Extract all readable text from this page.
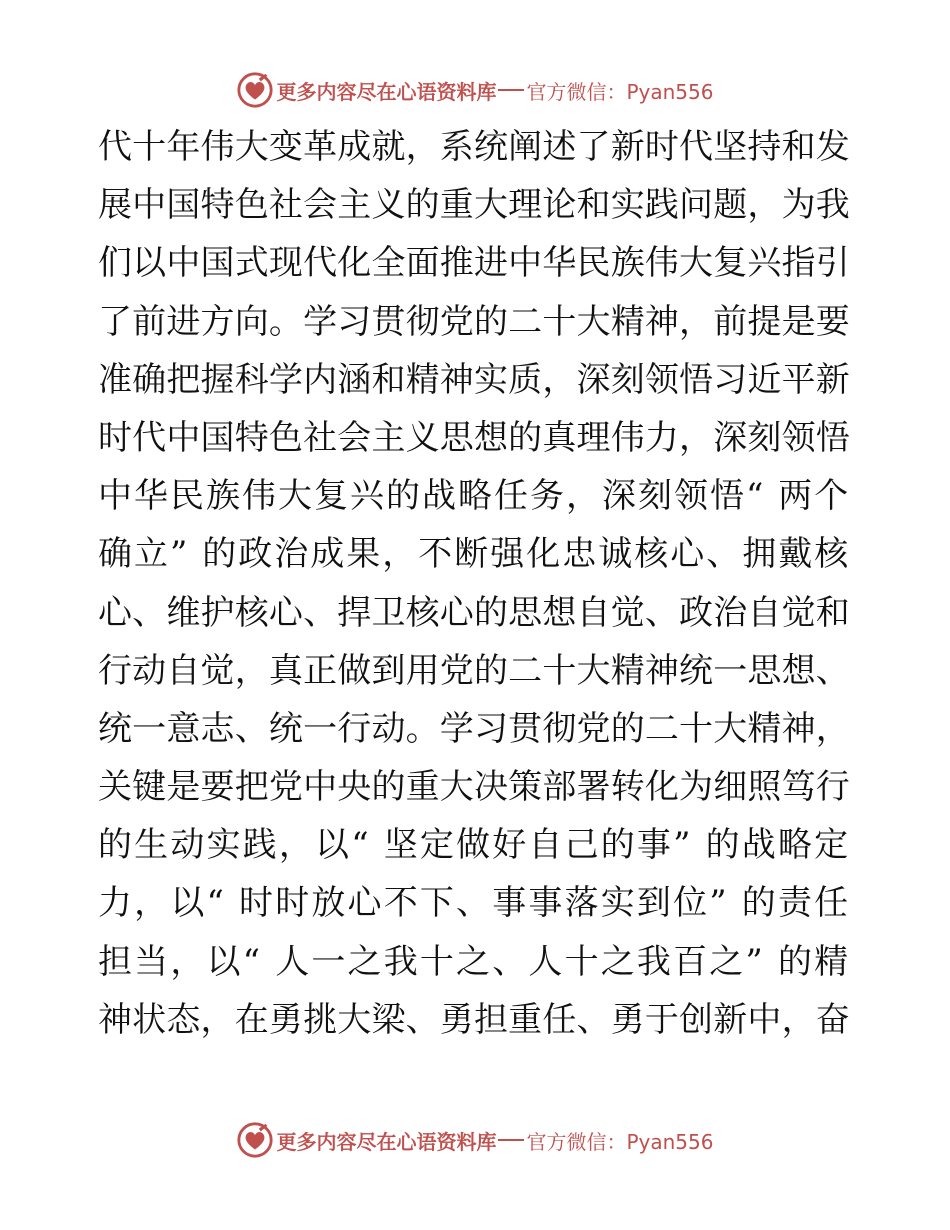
更多内容尽在心语资料库 官方微信：Pyan556
代十年伟大变革成就，系统阐述了新时代坚持和发
展中国特色社会主义的重大理论和实践问题，为我
们以中国式现代化全面推进中华民族伟大复兴指引
了前进方向。学习贯彻党的二十大精神，前提是要
准确把握科学内涵和精神实质，深刻领悟习近平新
时代中国特色社会主义思想的真理伟力，深刻领悟
中华民族伟大复兴的战略任务，深刻领悟“ 两个
确立” 的政治成果，不断强化忠诚核心、拥戴核
心、维护核心、捍卫核心的思想自觉、政治自觉和
行动自觉，真正做到用党的二十大精神统一思想、
统一意志、统一行动。学习贯彻党的二十大精神，
关键是要把党中央的重大决策部署转化为细照笃行
的生动实践，以“ 坚定做好自己的事” 的战略定
力，以“ 时时放心不下、事事落实到位” 的责任
担当，以“ 人一之我十之、人十之我百之” 的精
神状态，在勇挑大梁、勇担重任、勇于创新中，奋
更多内容尽在心语资料库 官方微信：Pyan556
